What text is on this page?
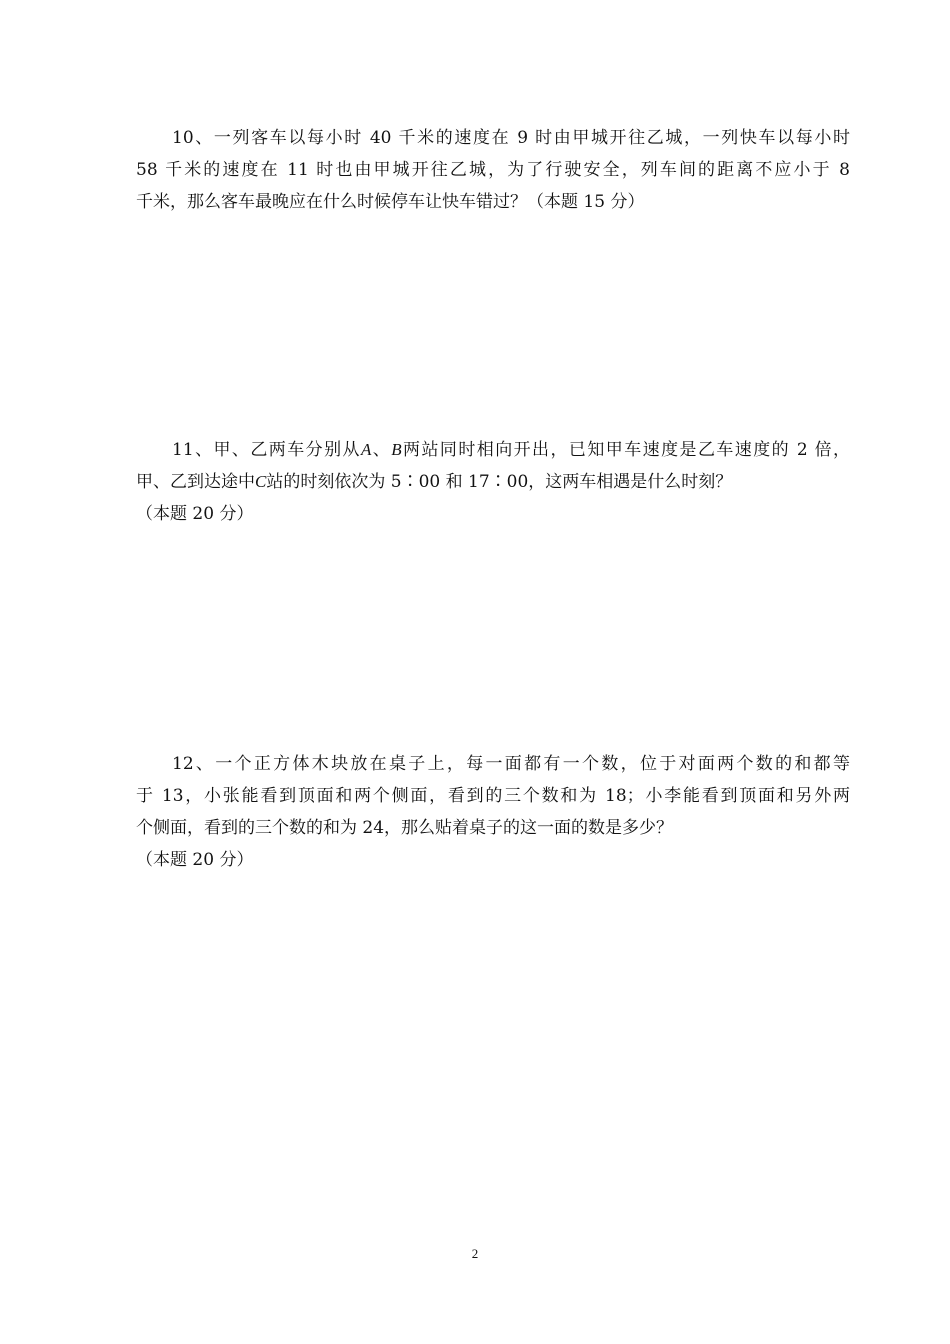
10、一列客车以每小时 40 千米的速度在 9 时由甲城开往乙城，一列快车以每小时
58 千米的速度在 11 时也由甲城开往乙城，为了行驶安全，列车间的距离不应小于 8
千米，那么客车最晚应在什么时候停车让快车错过？（本题 15 分）

11、甲、乙两车分别从A、B两站同时相向开出，已知甲车速度是乙车速度的 2 倍，
甲、乙到达途中C站的时刻依次为 5∶00 和 17∶00，这两车相遇是什么时刻？
（本题 20 分）

12、一个正方体木块放在桌子上，每一面都有一个数，位于对面两个数的和都等
于 13，小张能看到顶面和两个侧面，看到的三个数和为 18；小李能看到顶面和另外两
个侧面，看到的三个数的和为 24，那么贴着桌子的这一面的数是多少？
（本题 20 分）

2
